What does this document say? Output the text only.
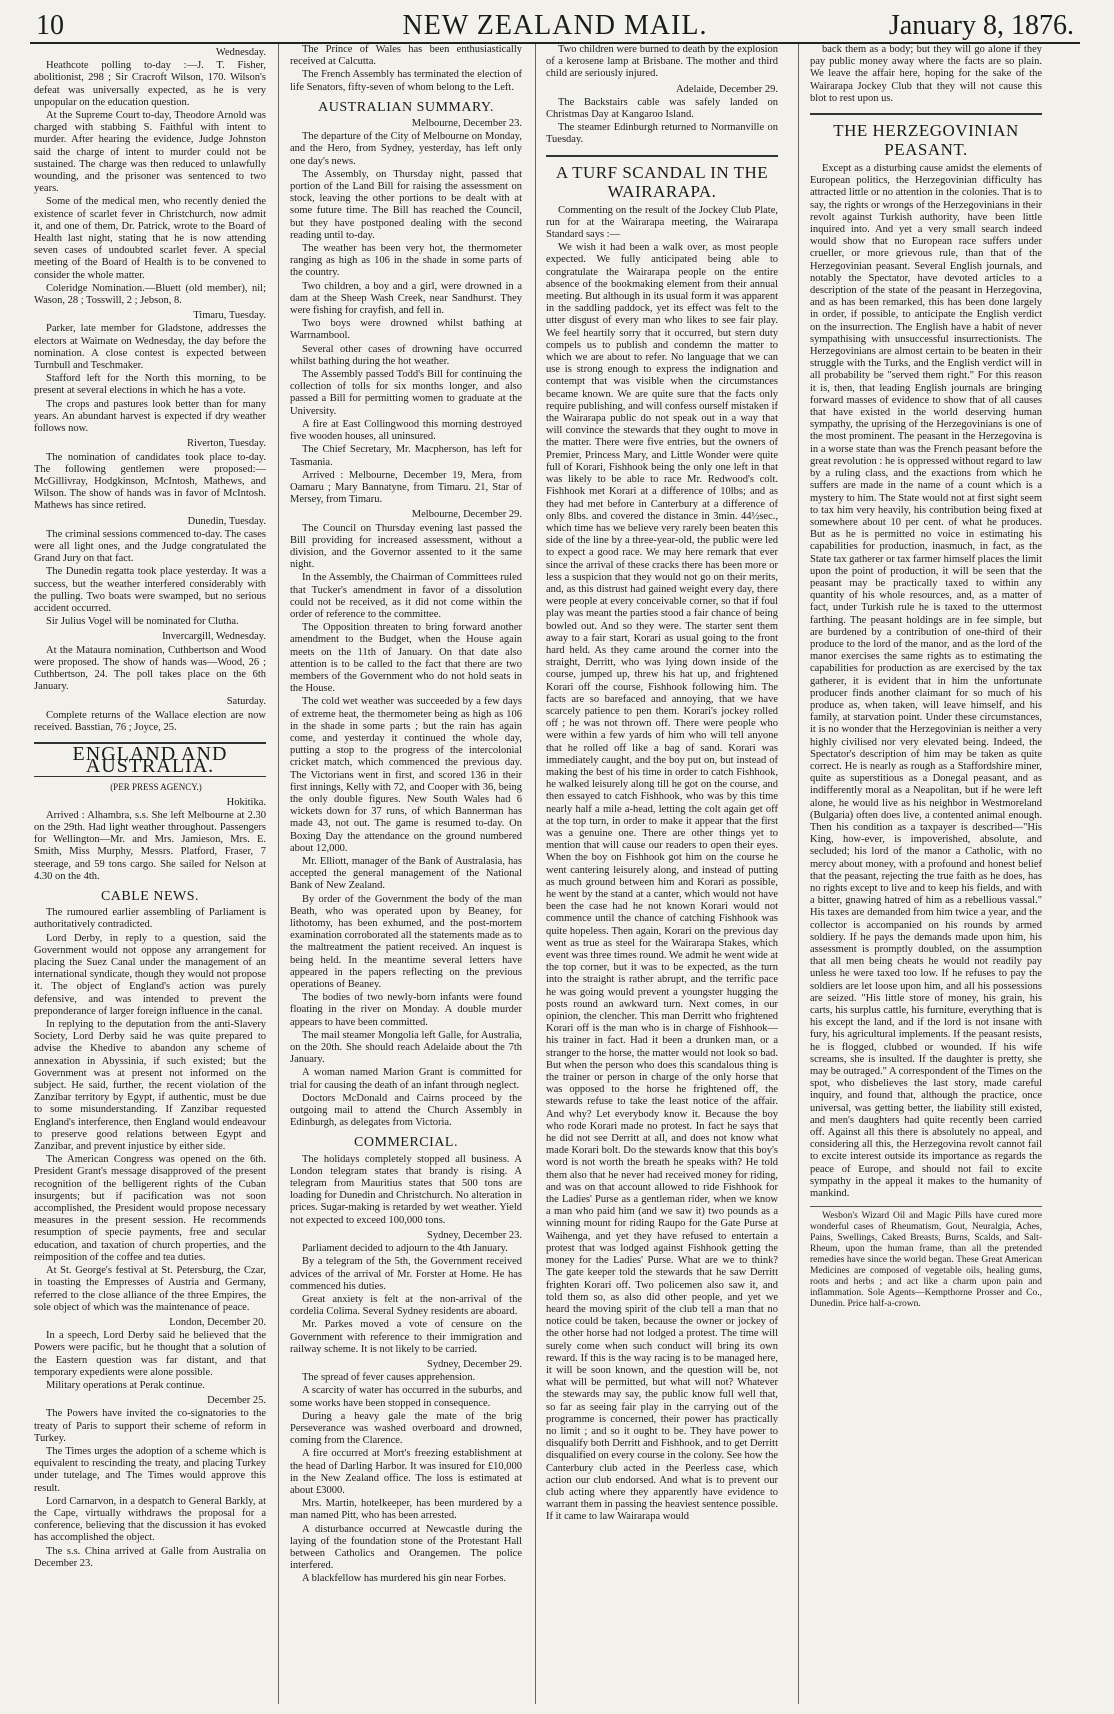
10	NEW ZEALAND MAIL.	January 8, 1876.

Wednesday.

Heathcote polling to-day :—J. T. Fisher, abolitionist, 298 ; Sir Cracroft Wilson, 170. Wilson's defeat was universally expected, as he is very unpopular on the education question.

At the Supreme Court to-day, Theodore Arnold was charged with stabbing S. Faithful with intent to murder. After hearing the evidence, Judge Johnston said the charge of intent to murder could not be sustained. The charge was then reduced to unlawfully wounding, and the prisoner was sentenced to two years.

Some of the medical men, who recently denied the existence of scarlet fever in Christchurch, now admit it, and one of them, Dr. Patrick, wrote to the Board of Health last night, stating that he is now attending seven cases of undoubted scarlet fever. A special meeting of the Board of Health is to be convened to consider the whole matter.

Coleridge Nomination.—Bluett (old member), nil; Wason, 28 ; Tosswill, 2 ; Jebson, 8.

Timaru, Tuesday.

Parker, late member for Gladstone, addresses the electors at Waimate on Wednesday, the day before the nomination. A close contest is expected between Turnbull and Teschmaker.

Stafford left for the North this morning, to be present at several elections in which he has a vote.

The crops and pastures look better than for many years. An abundant harvest is expected if dry weather follows now.

Riverton, Tuesday.

The nomination of candidates took place to-day. The following gentlemen were proposed:—McGillivray, Hodgkinson, McIntosh, Mathews, and Wilson. The show of hands was in favor of McIntosh. Mathews has since retired.

Dunedin, Tuesday.

The criminal sessions commenced to-day. The cases were all light ones, and the Judge congratulated the Grand Jury on that fact.

The Dunedin regatta took place yesterday. It was a success, but the weather interfered considerably with the pulling. Two boats were swamped, but no serious accident occurred.

Sir Julius Vogel will be nominated for Clutha.

Invercargill, Wednesday.

At the Mataura nomination, Cuthbertson and Wood were proposed. The show of hands was—Wood, 26 ; Cuthbertson, 24. The poll takes place on the 6th January.

Saturday.

Complete returns of the Wallace election are now received. Basstian, 76 ; Joyce, 25.

ENGLAND AND AUSTRALIA.

(PER PRESS AGENCY.)

Hokitika.

Arrived : Alhambra, s.s. She left Melbourne at 2.30 on the 29th. Had light weather throughout. Passengers for Wellington—Mr. and Mrs. Jamieson, Mrs. E. Smith, Miss Murphy, Messrs. Platford, Fraser, 7 steerage, and 59 tons cargo. She sailed for Nelson at 4.30 on the 4th.

CABLE NEWS.

The rumoured earlier assembling of Parliament is authoritatively contradicted.

Lord Derby, in reply to a question, said the Government would not oppose any arrangement for placing the Suez Canal under the management of an international syndicate, though they would not propose it. The object of England's action was purely defensive, and was intended to prevent the preponderance of larger foreign influence in the canal.

In replying to the deputation from the anti-Slavery Society, Lord Derby said he was quite prepared to advise the Khedive to abandon any scheme of annexation in Abyssinia, if such existed; but the Government was at present not informed on the subject. He said, further, the recent violation of the Zanzibar territory by Egypt, if authentic, must be due to some misunderstanding. If Zanzibar requested England's interference, then England would endeavour to preserve good relations between Egypt and Zanzibar, and prevent injustice by either side.

The American Congress was opened on the 6th. President Grant's message disapproved of the present recognition of the belligerent rights of the Cuban insurgents; but if pacification was not soon accomplished, the President would propose necessary measures in the present session. He recommends resumption of specie payments, free and secular education, and taxation of church properties, and the reimposition of the coffee and tea duties.

At St. George's festival at St. Petersburg, the Czar, in toasting the Empresses of Austria and Germany, referred to the close alliance of the three Empires, the sole object of which was the maintenance of peace.

London, December 20.

In a speech, Lord Derby said he believed that the Powers were pacific, but he thought that a solution of the Eastern question was far distant, and that temporary expedients were alone possible.

Military operations at Perak continue.

December 25.

The Powers have invited the co-signatories to the treaty of Paris to support their scheme of reform in Turkey.

The Times urges the adoption of a scheme which is equivalent to rescinding the treaty, and placing Turkey under tutelage, and The Times would approve this result.

Lord Carnarvon, in a despatch to General Barkly, at the Cape, virtually withdraws the proposal for a conference, believing that the discussion it has evoked has accomplished the object.

The s.s. China arrived at Galle from Australia on December 23.

The Prince of Wales has been enthusiastically received at Calcutta.

The French Assembly has terminated the election of life Senators, fifty-seven of whom belong to the Left.

AUSTRALIAN SUMMARY.

Melbourne, December 23.

The departure of the City of Melbourne on Monday, and the Hero, from Sydney, yesterday, has left only one day's news.

The Assembly, on Thursday night, passed that portion of the Land Bill for raising the assessment on stock, leaving the other portions to be dealt with at some future time. The Bill has reached the Council, but they have postponed dealing with the second reading until to-day.

The weather has been very hot, the thermometer ranging as high as 106 in the shade in some parts of the country.

Two children, a boy and a girl, were drowned in a dam at the Sheep Wash Creek, near Sandhurst. They were fishing for crayfish, and fell in.

Two boys were drowned whilst bathing at Warrnambool.

Several other cases of drowning have occurred whilst bathing during the hot weather.

The Assembly passed Todd's Bill for continuing the collection of tolls for six months longer, and also passed a Bill for permitting women to graduate at the University.

A fire at East Collingwood this morning destroyed five wooden houses, all uninsured.

The Chief Secretary, Mr. Macpherson, has left for Tasmania.

Arrived : Melbourne, December 19, Mera, from Oamaru ; Mary Bannatyne, from Timaru. 21, Star of Mersey, from Timaru.

Melbourne, December 29.

The Council on Thursday evening last passed the Bill providing for increased assessment, without a division, and the Governor assented to it the same night.

In the Assembly, the Chairman of Committees ruled that Tucker's amendment in favor of a dissolution could not be received, as it did not come within the order of reference to the committee.

The Opposition threaten to bring forward another amendment to the Budget, when the House again meets on the 11th of January. On that date also attention is to be called to the fact that there are two members of the Government who do not hold seats in the House.

The cold wet weather was succeeded by a few days of extreme heat, the thermometer being as high as 106 in the shade in some parts ; but the rain has again come, and yesterday it continued the whole day, putting a stop to the progress of the intercolonial cricket match, which commenced the previous day. The Victorians went in first, and scored 136 in their first innings, Kelly with 72, and Cooper with 36, being the only double figures. New South Wales had 6 wickets down for 37 runs, of which Bannerman has made 43, not out. The game is resumed to-day. On Boxing Day the attendance on the ground numbered about 12,000.

Mr. Elliott, manager of the Bank of Australasia, has accepted the general management of the National Bank of New Zealand.

By order of the Government the body of the man Beath, who was operated upon by Beaney, for lithotomy, has been exhumed, and the post-mortem examination corroborated all the statements made as to the maltreatment the patient received. An inquest is being held. In the meantime several letters have appeared in the papers reflecting on the previous operations of Beaney.

The bodies of two newly-born infants were found floating in the river on Monday. A double murder appears to have been committed.

The mail steamer Mongolia left Galle, for Australia, on the 20th. She should reach Adelaide about the 7th January.

A woman named Marion Grant is committed for trial for causing the death of an infant through neglect.

Doctors McDonald and Cairns proceed by the outgoing mail to attend the Church Assembly in Edinburgh, as delegates from Victoria.

COMMERCIAL.

The holidays completely stopped all business. A London telegram states that brandy is rising. A telegram from Mauritius states that 500 tons are loading for Dunedin and Christchurch. No alteration in prices. Sugar-making is retarded by wet weather. Yield not expected to exceed 100,000 tons.

Sydney, December 23.

Parliament decided to adjourn to the 4th January.

By a telegram of the 5th, the Government received advices of the arrival of Mr. Forster at Home. He has commenced his duties.

Great anxiety is felt at the non-arrival of the cordelia Colima. Several Sydney residents are aboard.

Mr. Parkes moved a vote of censure on the Government with reference to their immigration and railway scheme. It is not likely to be carried.

Sydney, December 29.

The spread of fever causes apprehension.

A scarcity of water has occurred in the suburbs, and some works have been stopped in consequence.

During a heavy gale the mate of the brig Perseverance was washed overboard and drowned, coming from the Clarence.

A fire occurred at Mort's freezing establishment at the head of Darling Harbor. It was insured for £10,000 in the New Zealand office. The loss is estimated at about £3000.

Mrs. Martin, hotelkeeper, has been murdered by a man named Pitt, who has been arrested.

A disturbance occurred at Newcastle during the laying of the foundation stone of the Protestant Hall between Catholics and Orangemen. The police interfered.

A blackfellow has murdered his gin near Forbes.

Two children were burned to death by the explosion of a kerosene lamp at Brisbane. The mother and third child are seriously injured.

Adelaide, December 29.

The Backstairs cable was safely landed on Christmas Day at Kangaroo Island.

The steamer Edinburgh returned to Normanville on Tuesday.

A TURF SCANDAL IN THE WAIRARAPA.

Commenting on the result of the Jockey Club Plate, run for at the Wairarapa meeting, the Wairarapa Standard says :—

We wish it had been a walk over, as most people expected. We fully anticipated being able to congratulate the Wairarapa people on the entire absence of the bookmaking element from their annual meeting. But although in its usual form it was apparent in the saddling paddock, yet its effect was felt to the utter disgust of every man who likes to see fair play. We feel heartily sorry that it occurred, but stern duty compels us to publish and condemn the matter to which we are about to refer. No language that we can use is strong enough to express the indignation and contempt that was visible when the circumstances became known. We are quite sure that the facts only require publishing, and will confess ourself mistaken if the Wairarapa public do not speak out in a way that will convince the stewards that they ought to move in the matter. There were five entries, but the owners of Premier, Princess Mary, and Little Wonder were quite full of Korari, Fishhook being the only one left in that was likely to be able to race Mr. Redwood's colt. Fishhook met Korari at a difference of 10lbs; and as they had met before in Canterbury at a difference of only 8lbs. and covered the distance in 3min. 44½sec., which time has we believe very rarely been beaten this side of the line by a three-year-old, the public were led to expect a good race. We may here remark that ever since the arrival of these cracks there has been more or less a suspicion that they would not go on their merits, and, as this distrust had gained weight every day, there were people at every conceivable corner, so that if foul play was meant the parties stood a fair chance of being bowled out. And so they were. The starter sent them away to a fair start, Korari as usual going to the front hard held. As they came around the corner into the straight, Derritt, who was lying down inside of the course, jumped up, threw his hat up, and frightened Korari off the course, Fishhook following him. The facts are so barefaced and annoying, that we have scarcely patience to pen them. Korari's jockey rolled off ; he was not thrown off. There were people who were within a few yards of him who will tell anyone that he rolled off like a bag of sand. Korari was immediately caught, and the boy put on, but instead of making the best of his time in order to catch Fishhook, he walked leisurely along till he got on the course, and then essayed to catch Fishhook, who was by this time nearly half a mile a-head, letting the colt again get off at the top turn, in order to make it appear that the first was a genuine one. There are other things yet to mention that will cause our readers to open their eyes. When the boy on Fishhook got him on the course he went cantering leisurely along, and instead of putting as much ground between him and Korari as possible, he went by the stand at a canter, which would not have been the case had he not known Korari would not commence until the chance of catching Fishhook was quite hopeless. Then again, Korari on the previous day went as true as steel for the Wairarapa Stakes, which event was three times round. We admit he went wide at the top corner, but it was to be expected, as the turn into the straight is rather abrupt, and the terrific pace he was going would prevent a youngster hugging the posts round an awkward turn. Next comes, in our opinion, the clencher. This man Derritt who frightened Korari off is the man who is in charge of Fishhook—his trainer in fact. Had it been a drunken man, or a stranger to the horse, the matter would not look so bad. But when the person who does this scandalous thing is the trainer or person in charge of the only horse that was opposed to the horse he frightened off, the stewards refuse to take the least notice of the affair. And why? Let everybody know it. Because the boy who rode Korari made no protest. In fact he says that he did not see Derritt at all, and does not know what made Korari bolt. Do the stewards know that this boy's word is not worth the breath he speaks with? He told them also that he never had received money for riding, and was on that account allowed to ride Fishhook for the Ladies' Purse as a gentleman rider, when we know a man who paid him (and we saw it) two pounds as a winning mount for riding Raupo for the Gate Purse at Waihenga, and yet they have refused to entertain a protest that was lodged against Fishhook getting the money for the Ladies' Purse. What are we to think? The gate keeper told the stewards that he saw Derritt frighten Korari off. Two policemen also saw it, and told them so, as also did other people, and yet we heard the moving spirit of the club tell a man that no notice could be taken, because the owner or jockey of the other horse had not lodged a protest. The time will surely come when such conduct will bring its own reward. If this is the way racing is to be managed here, it will be soon known, and the question will be, not what will be permitted, but what will not? Whatever the stewards may say, the public know full well that, so far as seeing fair play in the carrying out of the programme is concerned, their power has practically no limit ; and so it ought to be. They have power to disqualify both Derritt and Fishhook, and to get Derritt disqualified on every course in the colony. See how the Canterbury club acted in the Peerless case, which action our club endorsed. And what is to prevent our club acting where they apparently have evidence to warrant them in passing the heaviest sentence possible. If it came to law Wairarapa would

back them as a body; but they will go alone if they pay public money away where the facts are so plain. We leave the affair here, hoping for the sake of the Wairarapa Jockey Club that they will not cause this blot to rest upon us.

THE HERZEGOVINIAN PEASANT.

Except as a disturbing cause amidst the elements of European politics, the Herzegovinian difficulty has attracted little or no attention in the colonies. That is to say, the rights or wrongs of the Herzegovinians in their revolt against Turkish authority, have been little inquired into. And yet a very small search indeed would show that no European race suffers under crueller, or more grievous rule, than that of the Herzegovinian peasant. Several English journals, and notably the Spectator, have devoted articles to a description of the state of the peasant in Herzegovina, and as has been remarked, this has been done largely in order, if possible, to anticipate the English verdict on the insurrection. The English have a habit of never sympathising with unsuccessful insurrectionists. The Herzegovinians are almost certain to be beaten in their struggle with the Turks, and the English verdict will in all probability be "served them right." For this reason it is, then, that leading English journals are bringing forward masses of evidence to show that of all causes that have existed in the world deserving human sympathy, the uprising of the Herzegovinians is one of the most prominent. The peasant in the Herzegovina is in a worse state than was the French peasant before the great revolution : he is oppressed without regard to law by a ruling class, and the exactions from which he suffers are made in the name of a count which is a mystery to him. The State would not at first sight seem to tax him very heavily, his contribution being fixed at somewhere about 10 per cent. of what he produces. But as he is permitted no voice in estimating his capabilities for production, inasmuch, in fact, as the State tax gatherer or tax farmer himself places the limit upon the point of production, it will be seen that the peasant may be practically taxed to within any quantity of his whole resources, and, as a matter of fact, under Turkish rule he is taxed to the uttermost farthing. The peasant holdings are in fee simple, but are burdened by a contribution of one-third of their produce to the lord of the manor, and as the lord of the manor exercises the same rights as to estimating the capabilities for production as are exercised by the tax gatherer, it is evident that in him the unfortunate producer finds another claimant for so much of his produce as, when taken, will leave himself, and his family, at starvation point. Under these circumstances, it is no wonder that the Herzegovinian is neither a very highly civilised nor very elevated being. Indeed, the Spectator's description of him may be taken as quite correct. He is nearly as rough as a Staffordshire miner, quite as superstitious as a Donegal peasant, and as indifferently moral as a Neapolitan, but if he were left alone, he would live as his neighbor in Westmoreland (Bulgaria) often does live, a contented animal enough. Then his condition as a taxpayer is described—"His King, how-ever, is impoverished, absolute, and secluded; his lord of the manor a Catholic, with no mercy about money, with a profound and honest belief that the peasant, rejecting the true faith as he does, has no rights except to live and to keep his fields, and with a bitter, gnawing hatred of him as a rebellious vassal." His taxes are demanded from him twice a year, and the collector is accompanied on his rounds by armed soldiery. If he pays the demands made upon him, his assessment is promptly doubled, on the assumption that all men being cheats he would not readily pay unless he were taxed too low. If he refuses to pay the soldiers are let loose upon him, and all his possessions are seized. "His little store of money, his grain, his carts, his surplus cattle, his furniture, everything that is his except the land, and if the lord is not insane with fury, his agricultural implements. If the peasant resists, he is flogged, clubbed or wounded. If his wife screams, she is insulted. If the daughter is pretty, she may be outraged." A correspondent of the Times on the spot, who disbelieves the last story, made careful inquiry, and found that, although the practice, once universal, was getting better, the liability still existed, and men's daughters had quite recently been carried off. Against all this there is absolutely no appeal, and considering all this, the Herzegovina revolt cannot fail to excite interest outside its importance as regards the peace of Europe, and should not fail to excite sympathy in the appeal it makes to the humanity of mankind.

Wesbon's Wizard Oil and Magic Pills have cured more wonderful cases of Rheumatism, Gout, Neuralgia, Aches, Pains, Swellings, Caked Breasts, Burns, Scalds, and Salt-Rheum, upon the human frame, than all the pretended remedies have since the world began. These Great American Medicines are composed of vegetable oils, healing gums, roots and herbs ; and act like a charm upon pain and inflammation. Sole Agents—Kempthorne Prosser and Co., Dunedin. Price half-a-crown.
